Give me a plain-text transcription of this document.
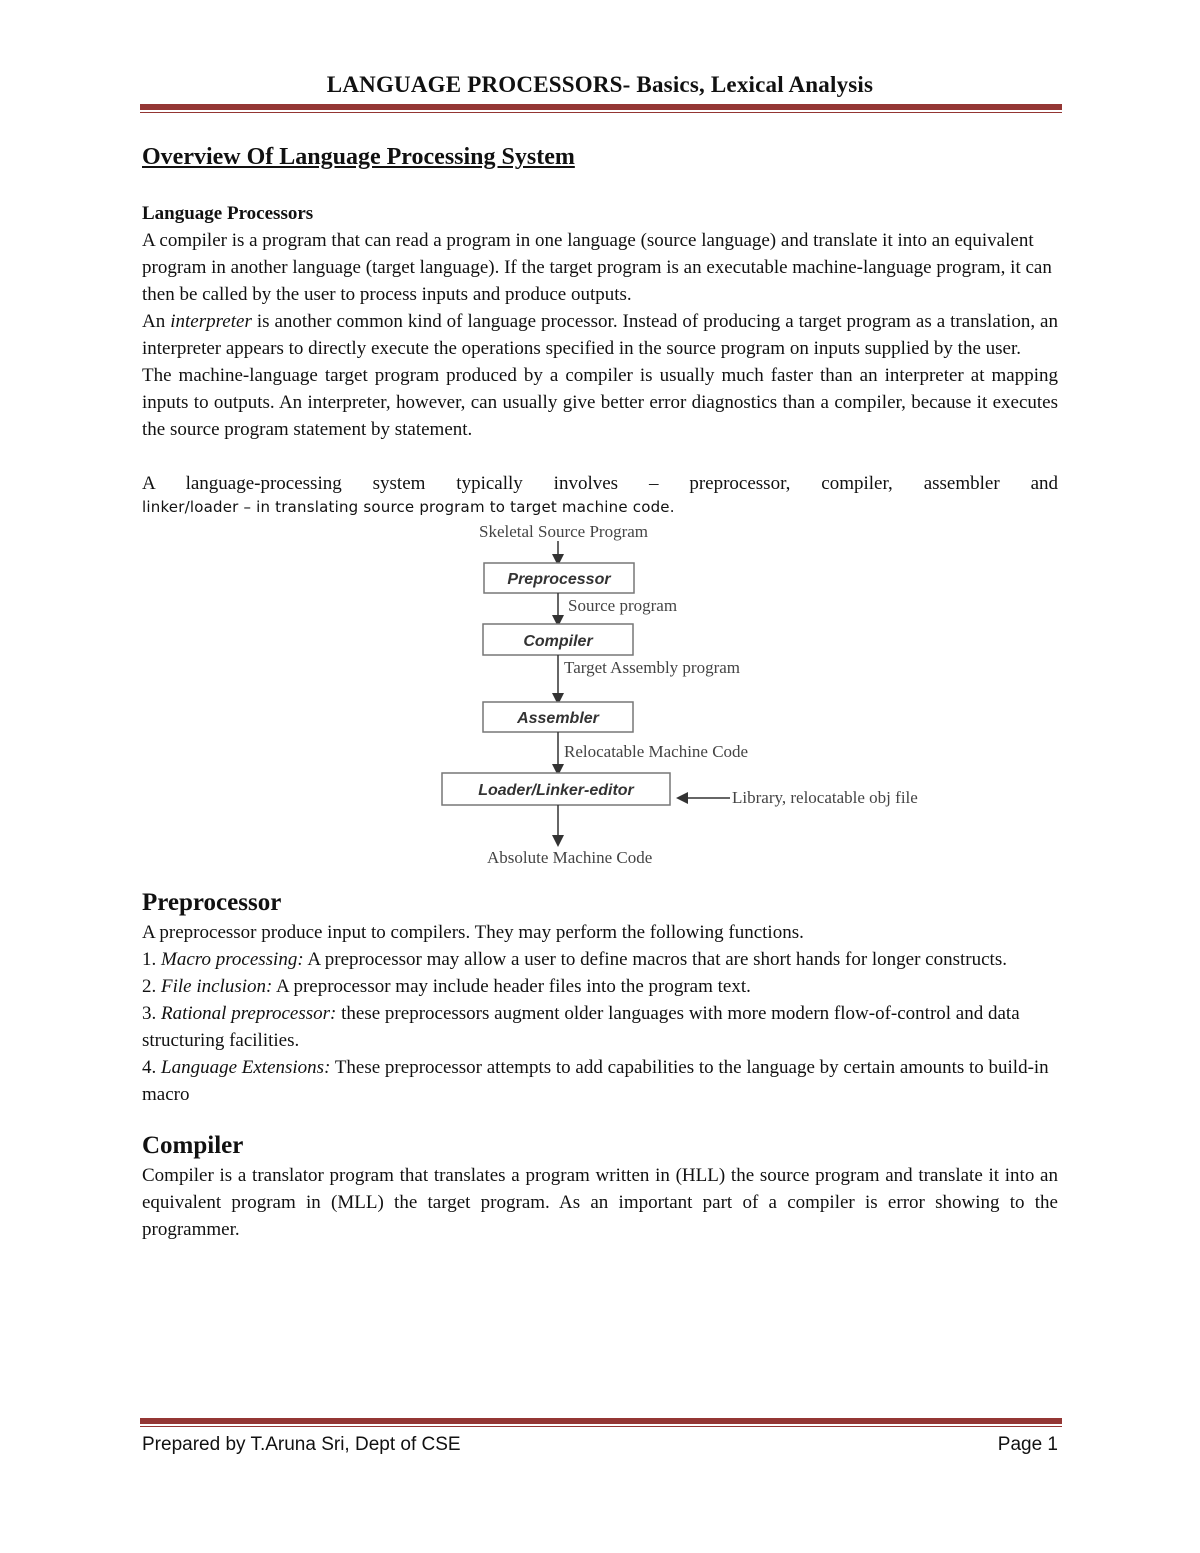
LANGUAGE PROCESSORS- Basics, Lexical Analysis
Overview Of Language Processing System
Language Processors

A compiler is a program that can read a program in one language (source language) and translate it into an equivalent program in another language (target language). If the target program is an executable machine-language program, it can then be called by the user to process inputs and produce outputs.

An interpreter is another common kind of language processor. Instead of producing a target program as a translation, an interpreter appears to directly execute the operations specified in the source program on inputs supplied by the user.

The machine-language target program produced by a compiler is usually much faster than an interpreter at mapping inputs to outputs. An interpreter, however, can usually give better error diagnostics than a compiler, because it executes the source program statement by statement.

A language-processing system typically involves – preprocessor, compiler, assembler and

linker/loader – in translating source program to target machine code.

Skeletal Source Program
Preprocessor
Source program
Compiler
Target Assembly program
Assembler
Relocatable Machine Code
Loader/Linker-editor	Library, relocatable obj file
Absolute Machine Code
Preprocessor

A preprocessor produce input to compilers. They may perform the following functions.

1. Macro processing: A preprocessor may allow a user to define macros that are short hands for longer constructs.

2. File inclusion: A preprocessor may include header files into the program text.

3. Rational preprocessor: these preprocessors augment older languages with more modern flow-of-control and data structuring facilities.

4. Language Extensions: These preprocessor attempts to add capabilities to the language by certain amounts to build-in macro

Compiler

Compiler is a translator program that translates a program written in (HLL) the source program and translate it into an equivalent program in (MLL) the target program. As an important part of a compiler is error showing to the programmer.

Prepared by T.Aruna Sri, Dept of CSE	Page 1
